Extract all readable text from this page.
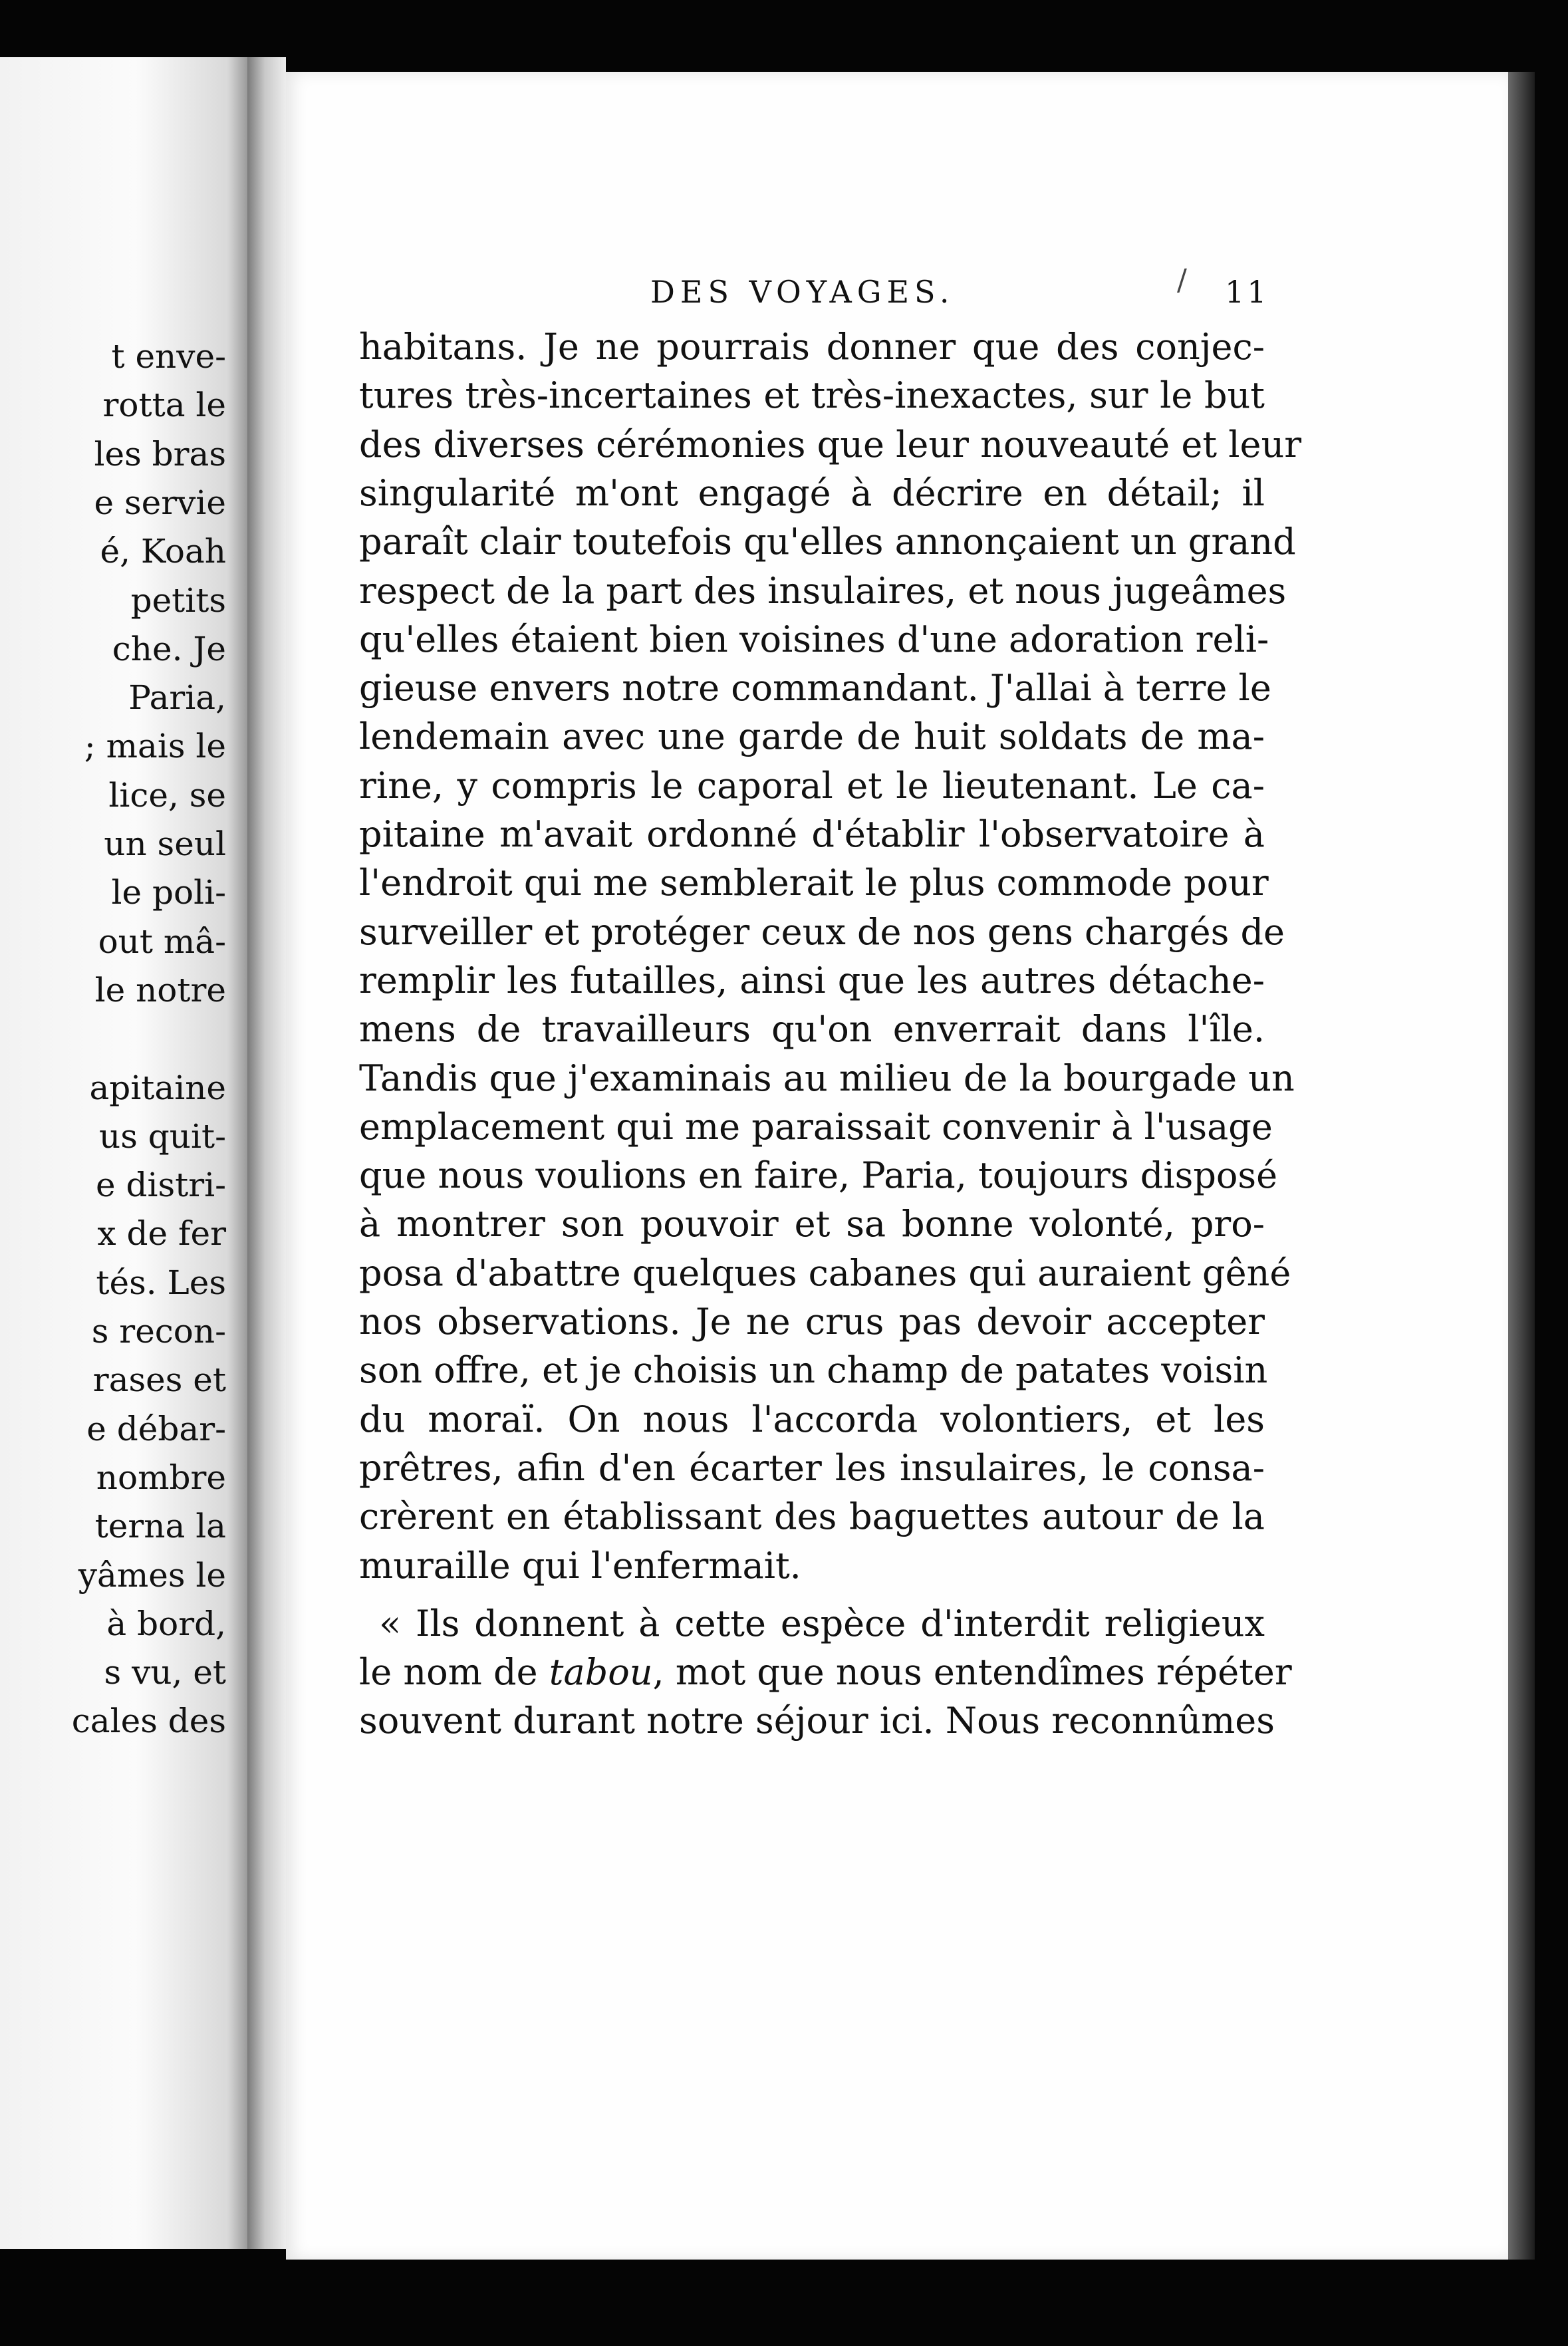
t enve-
rotta le
les bras
e servie
é, Koah
petits
che. Je
Paria,
; mais le
lice, se
un seul
le poli-
out mâ-
le notre
apitaine
us quit-
e distri-
x de fer
tés. Les
s recon-
rases et
e débar-
nombre
terna la
yâmes le
à bord,
s vu, et
cales des
DES VOYAGES.	/ 11
habitans. Je ne pourrais donner que des conjec-
tures très-incertaines et très-inexactes, sur le but
des diverses cérémonies que leur nouveauté et leur
singularité m'ont engagé à décrire en détail; il
paraît clair toutefois qu'elles annonçaient un grand
respect de la part des insulaires, et nous jugeâmes
qu'elles étaient bien voisines d'une adoration reli-
gieuse envers notre commandant. J'allai à terre le
lendemain avec une garde de huit soldats de ma-
rine, y compris le caporal et le lieutenant. Le ca-
pitaine m'avait ordonné d'établir l'observatoire à
l'endroit qui me semblerait le plus commode pour
surveiller et protéger ceux de nos gens chargés de
remplir les futailles, ainsi que les autres détache-
mens de travailleurs qu'on enverrait dans l'île.
Tandis que j'examinais au milieu de la bourgade un
emplacement qui me paraissait convenir à l'usage
que nous voulions en faire, Paria, toujours disposé
à montrer son pouvoir et sa bonne volonté, pro-
posa d'abattre quelques cabanes qui auraient gêné
nos observations. Je ne crus pas devoir accepter
son offre, et je choisis un champ de patates voisin
du moraï. On nous l'accorda volontiers, et les
prêtres, afin d'en écarter les insulaires, le consa-
crèrent en établissant des baguettes autour de la
muraille qui l'enfermait.
« Ils donnent à cette espèce d'interdit religieux
le nom de tabou, mot que nous entendîmes répéter
souvent durant notre séjour ici. Nous reconnûmes
